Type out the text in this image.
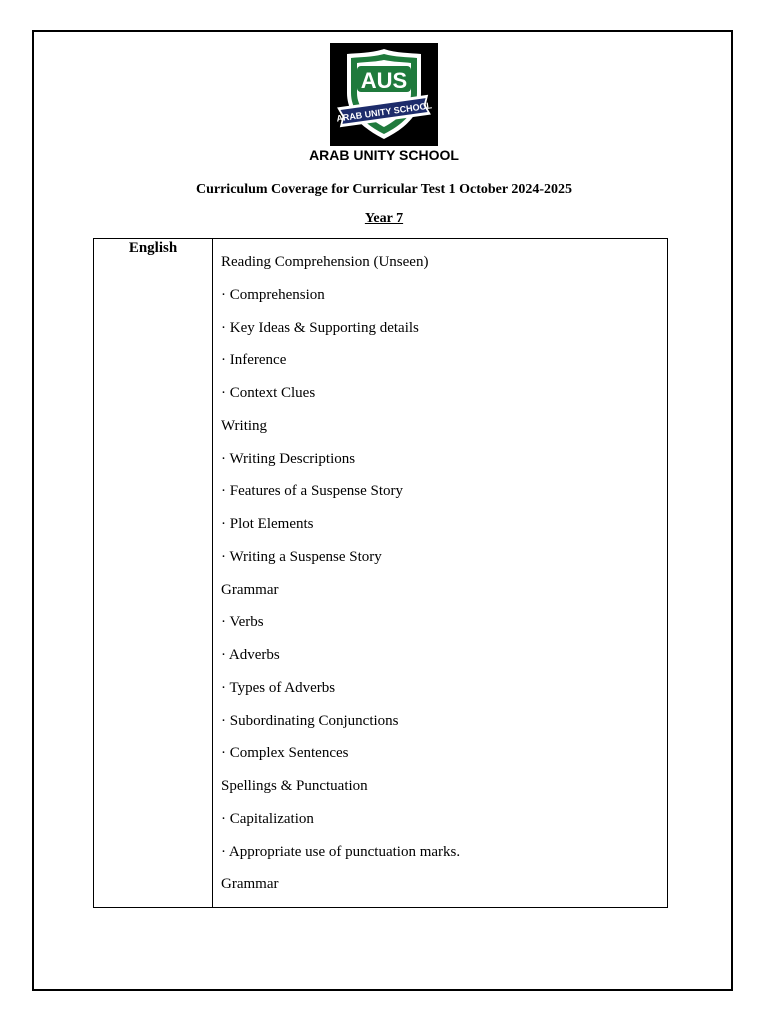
AUS
ARAB UNITY SCHOOL
ARAB UNITY SCHOOL
Curriculum Coverage for Curricular Test 1 October 2024-2025
Year 7
English
Reading Comprehension (Unseen)
· Comprehension
· Key Ideas & Supporting details
· Inference
· Context Clues
Writing
· Writing Descriptions
· Features of a Suspense Story
· Plot Elements
· Writing a Suspense Story
Grammar
· Verbs
· Adverbs
· Types of Adverbs
· Subordinating Conjunctions
· Complex Sentences
Spellings & Punctuation
· Capitalization
· Appropriate use of punctuation marks.
Grammar
